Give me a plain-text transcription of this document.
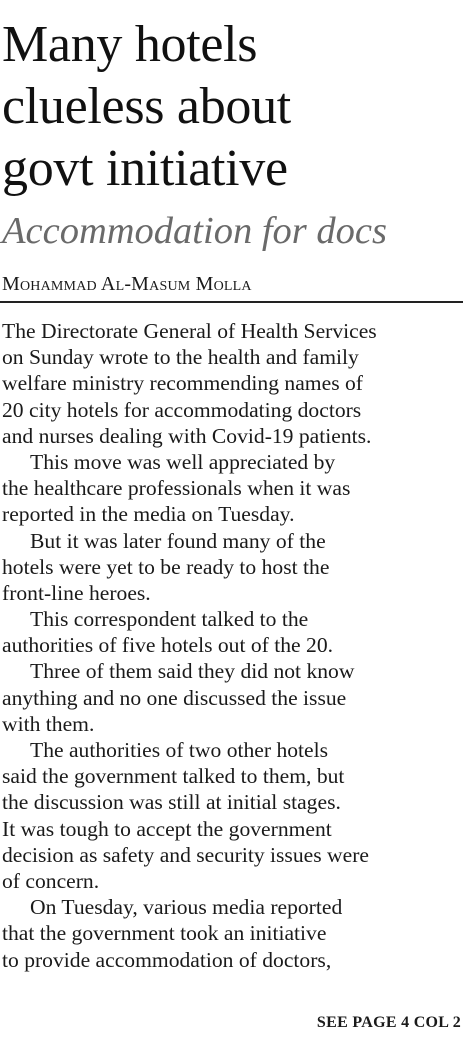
Many hotels
clueless about
govt initiative
Accommodation for docs
Mohammad Al-Masum Molla
The Directorate General of Health Services
on Sunday wrote to the health and family
welfare ministry recommending names of
20 city hotels for accommodating doctors
and nurses dealing with Covid-19 patients.
This move was well appreciated by
the healthcare professionals when it was
reported in the media on Tuesday.
But it was later found many of the
hotels were yet to be ready to host the
front-line heroes.
This correspondent talked to the
authorities of five hotels out of the 20.
Three of them said they did not know
anything and no one discussed the issue
with them.
The authorities of two other hotels
said the government talked to them, but
the discussion was still at initial stages.
It was tough to accept the government
decision as safety and security issues were
of concern.
On Tuesday, various media reported
that the government took an initiative
to provide accommodation of doctors,
SEE PAGE 4 COL 2
